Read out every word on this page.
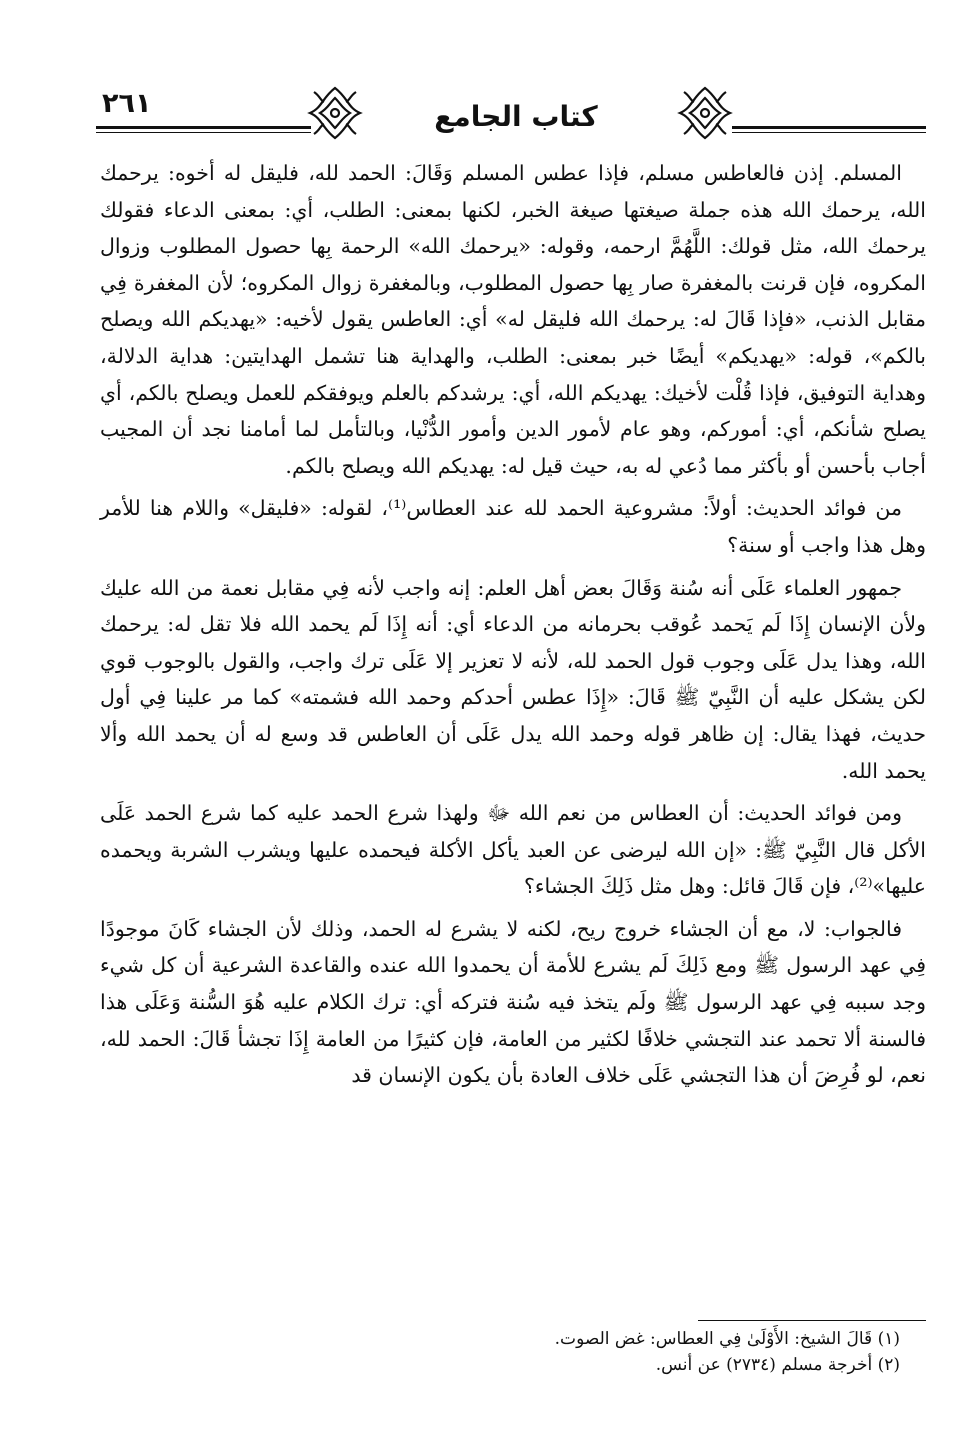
٢٦١	كتاب الجامع

المسلم. إذن فالعاطس مسلم، فإذا عطس المسلم وَقَالَ: الحمد لله، فليقل له أخوه: يرحمك الله، يرحمك الله هذه جملة صيغتها صيغة الخبر، لكنها بمعنى: الطلب، أي: بمعنى الدعاء فقولك يرحمك الله، مثل قولك: اللَّهُمَّ ارحمه، وقوله: «يرحمك الله» الرحمة بِها حصول المطلوب وزوال المكروه، فإن قرنت بالمغفرة صار بِها حصول المطلوب، وبالمغفرة زوال المكروه؛ لأن المغفرة فِي مقابل الذنب، «فإذا قَالَ له: يرحمك الله فليقل له» أي: العاطس يقول لأخيه: «يهديكم الله ويصلح بالكم»، قوله: «يهديكم» أيضًا خبر بمعنى: الطلب، والهداية هنا تشمل الهدايتين: هداية الدلالة، وهداية التوفيق، فإذا قُلْت لأخيك: يهديكم الله، أي: يرشدكم بالعلم ويوفقكم للعمل ويصلح بالكم، أي يصلح شأنكم، أي: أموركم، وهو عام لأمور الدين وأمور الدُّنْيا، وبالتأمل لما أمامنا نجد أن المجيب أجاب بأحسن أو بأكثر مما دُعي له به، حيث قيل له: يهديكم الله ويصلح بالكم.

من فوائد الحديث: أولاً: مشروعية الحمد لله عند العطاس⁽¹⁾، لقوله: «فليقل» واللام هنا للأمر وهل هذا واجب أو سنة؟

جمهور العلماء عَلَى أنه سُنة وَقَالَ بعض أهل العلم: إنه واجب لأنه فِي مقابل نعمة من الله عليك ولأن الإنسان إِذَا لَم يَحمد عُوقب بحرمانه من الدعاء أي: أنه إِذَا لَم يحمد الله فلا تقل له: يرحمك الله، وهذا يدل عَلَى وجوب قول الحمد لله، لأنه لا تعزير إلا عَلَى ترك واجب، والقول بالوجوب قوي لكن يشكل عليه أن النَّبِيّ ﷺ قَالَ: «إِذَا عطس أحدكم وحمد الله فشمته» كما مر علينا فِي أول حديث، فهذا يقال: إن ظاهر قوله وحمد الله يدل عَلَى أن العاطس قد وسع له أن يحمد الله وألا يحمد الله.

ومن فوائد الحديث: أن العطاس من نعم الله ﷻ ولهذا شرع الحمد عليه كما شرع الحمد عَلَى الأكل قال النَّبِيّ ﷺ: «إن الله ليرضى عن العبد يأكل الأكلة فيحمده عليها ويشرب الشربة ويحمده عليها»⁽²⁾، فإن قَالَ قائل: وهل مثل ذَلِكَ الجشاء؟

فالجواب: لا، مع أن الجشاء خروج ريح، لكنه لا يشرع له الحمد، وذلك لأن الجشاء كَانَ موجودًا فِي عهد الرسول ﷺ ومع ذَلِكَ لَم يشرع للأمة أن يحمدوا الله عنده والقاعدة الشرعية أن كل شيء وجد سببه فِي عهد الرسول ﷺ ولَم يتخذ فيه سُنة فتركه أي: ترك الكلام عليه هُوَ السُّنة وَعَلَى هذا فالسنة ألا تحمد عند التجشي خلافًا لكثير من العامة، فإن كثيرًا من العامة إِذَا تجشأ قَالَ: الحمد لله، نعم، لو فُرِضَ أن هذا التجشي عَلَى خلاف العادة بأن يكون الإنسان قد

(١) قَالَ الشيخ: الأَوْلَىٰ فِي العطاس: غض الصوت.
(٢) أخرجة مسلم (٢٧٣٤) عن أنس.
